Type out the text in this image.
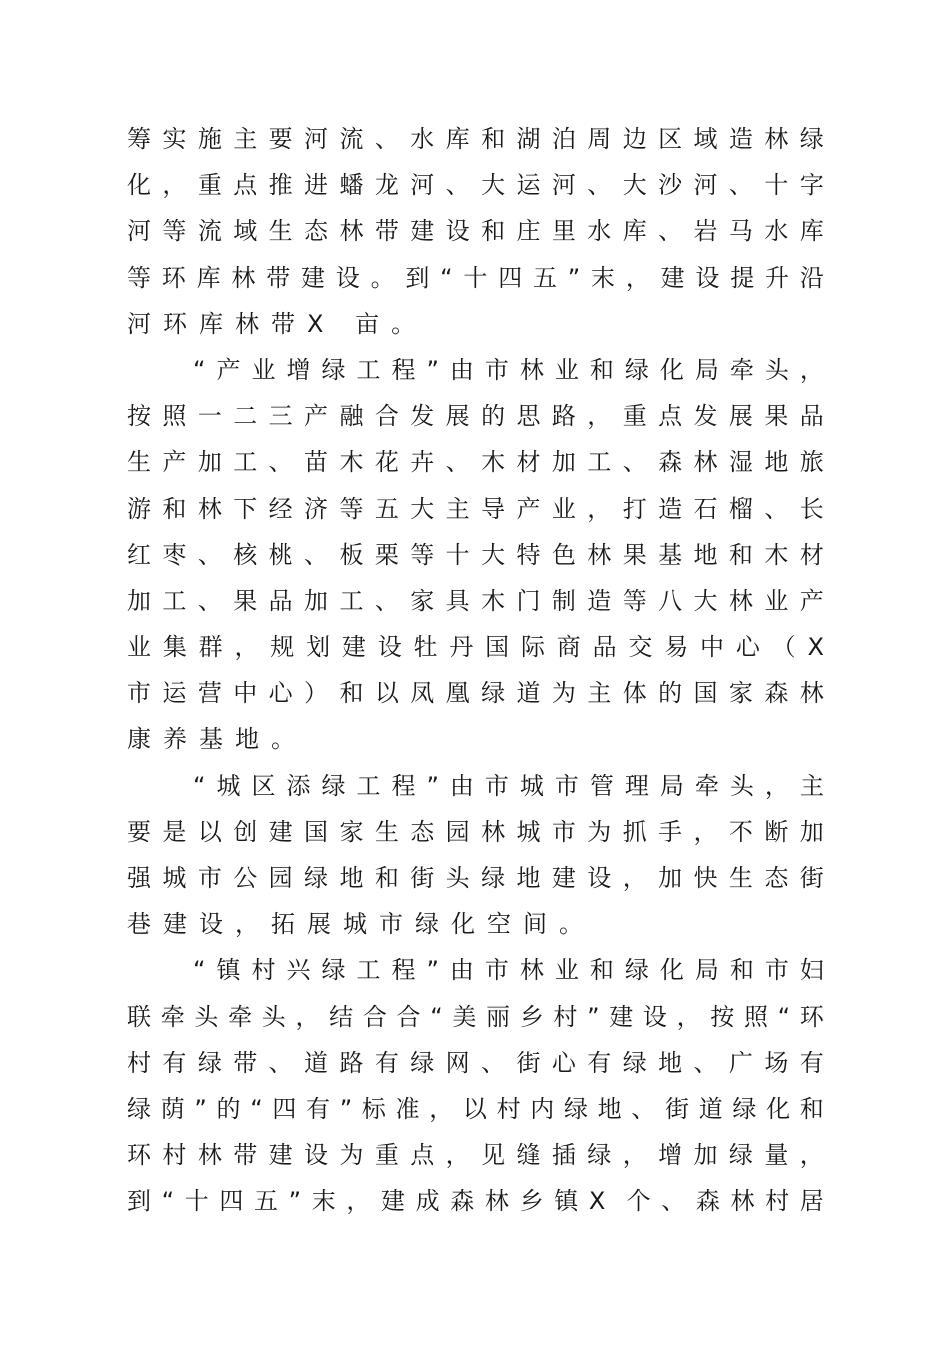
筹 实 施 主 要 河 流 、 水 库 和 湖 泊 周 边 区 域 造 林 绿
化 ， 重 点 推 进 蟠 龙 河 、 大 运 河 、 大 沙 河 、 十 字
河 等 流 域 生 态 林 带 建 设 和 庄 里 水 库 、 岩 马 水 库
等 环 库 林 带 建 设 。 到 “ 十 四 五 ” 末 ， 建 设 提 升 沿
河环库林带X 亩。
“ 产 业 增 绿 工 程 ” 由 市 林 业 和 绿 化 局 牵 头 ，
按 照 一 二 三 产 融 合 发 展 的 思 路 ， 重 点 发 展 果 品
生 产 加 工 、 苗 木 花 卉 、 木 材 加 工 、 森 林 湿 地 旅
游 和 林 下 经 济 等 五 大 主 导 产 业 ， 打 造 石 榴 、 长
红 枣 、 核 桃 、 板 栗 等 十 大 特 色 林 果 基 地 和 木 材
加 工 、 果 品 加 工 、 家 具 木 门 制 造 等 八 大 林 业 产
业 集 群 ， 规 划 建 设 牡 丹 国 际 商 品 交 易 中 心 （ X
市 运 营 中 心 ） 和 以 凤 凰 绿 道 为 主 体 的 国 家 森 林
康养基地。
“ 城 区 添 绿 工 程 ” 由 市 城 市 管 理 局 牵 头 ， 主
要 是 以 创 建 国 家 生 态 园 林 城 市 为 抓 手 ， 不 断 加
强 城 市 公 园 绿 地 和 街 头 绿 地 建 设 ， 加 快 生 态 街
巷建设，拓展城市绿化空间。
“ 镇 村 兴 绿 工 程 ” 由 市 林 业 和 绿 化 局 和 市 妇
联 牵 头 牵 头 ， 结 合 合 “ 美 丽 乡 村 ” 建 设 ， 按 照 “ 环
村 有 绿 带 、 道 路 有 绿 网 、 街 心 有 绿 地 、 广 场 有
绿 荫 ” 的 “ 四 有 ” 标 准 ， 以 村 内 绿 地 、 街 道 绿 化 和
环 村 林 带 建 设 为 重 点 ， 见 缝 插 绿 ， 增 加 绿 量 ，
到 “ 十 四 五 ” 末 ， 建 成 森 林 乡 镇 X 个 、 森 林 村 居
